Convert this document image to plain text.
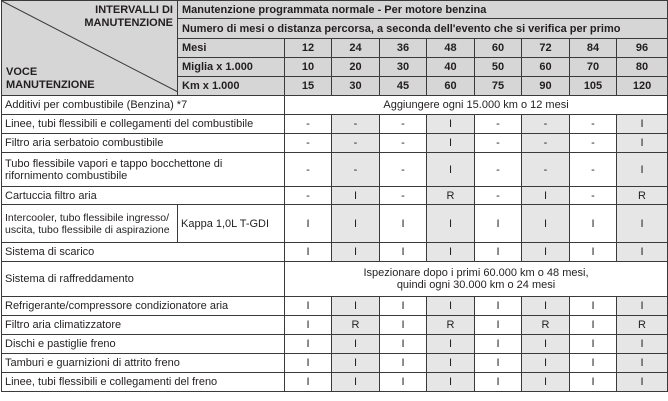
INTERVALLI DI
MANUTENZIONE
VOCE
MANUTENZIONE	Manutenzione programmata normale - Per motore benzina								
	Numero di mesi o distanza percorsa, a seconda dell'evento che si verifica per primo								
	Mesi	12	24	36	48	60	72	84	96
	Miglia x 1.000	10	20	30	40	50	60	70	80
	Km x 1.000	15	30	45	60	75	90	105	120
Additivi per combustibile (Benzina) *7		Aggiungere ogni 15.000 km o 12 mesi							
Linee, tubi flessibili e collegamenti del combustibile		-	-	-	I	-	-	-	I
Filtro aria serbatoio combustibile		-	-	-	I	-	-	-	I

Tubo flessibile vapori e tappo bocchettone di
rifornimento combustibile		-	-	-	I	-	-	-	I
Cartuccia filtro aria		-	I	-	R	-	I	-	R

Intercooler, tubo flessibile ingresso/
uscita, tubo flessibile di aspirazione	Kappa 1,0L T-GDI	I	I	I	I	I	I	I	I
Sistema di scarico		I	I	I	I	I	I	I	I
Sistema di raffreddamento		Ispezionare dopo i primi 60.000 km o 48 mesi,
quindi ogni 30.000 km o 24 mesi							

Refrigerante/compressore condizionatore aria		I	I	I	I	I	I	I	I
Filtro aria climatizzatore		I	R	I	R	I	R	I	R
Dischi e pastiglie freno		I	I	I	I	I	I	I	I
Tamburi e guarnizioni di attrito freno		I	I	I	I	I	I	I	I
Linee, tubi flessibili e collegamenti del freno		I	I	I	I	I	I	I	I
